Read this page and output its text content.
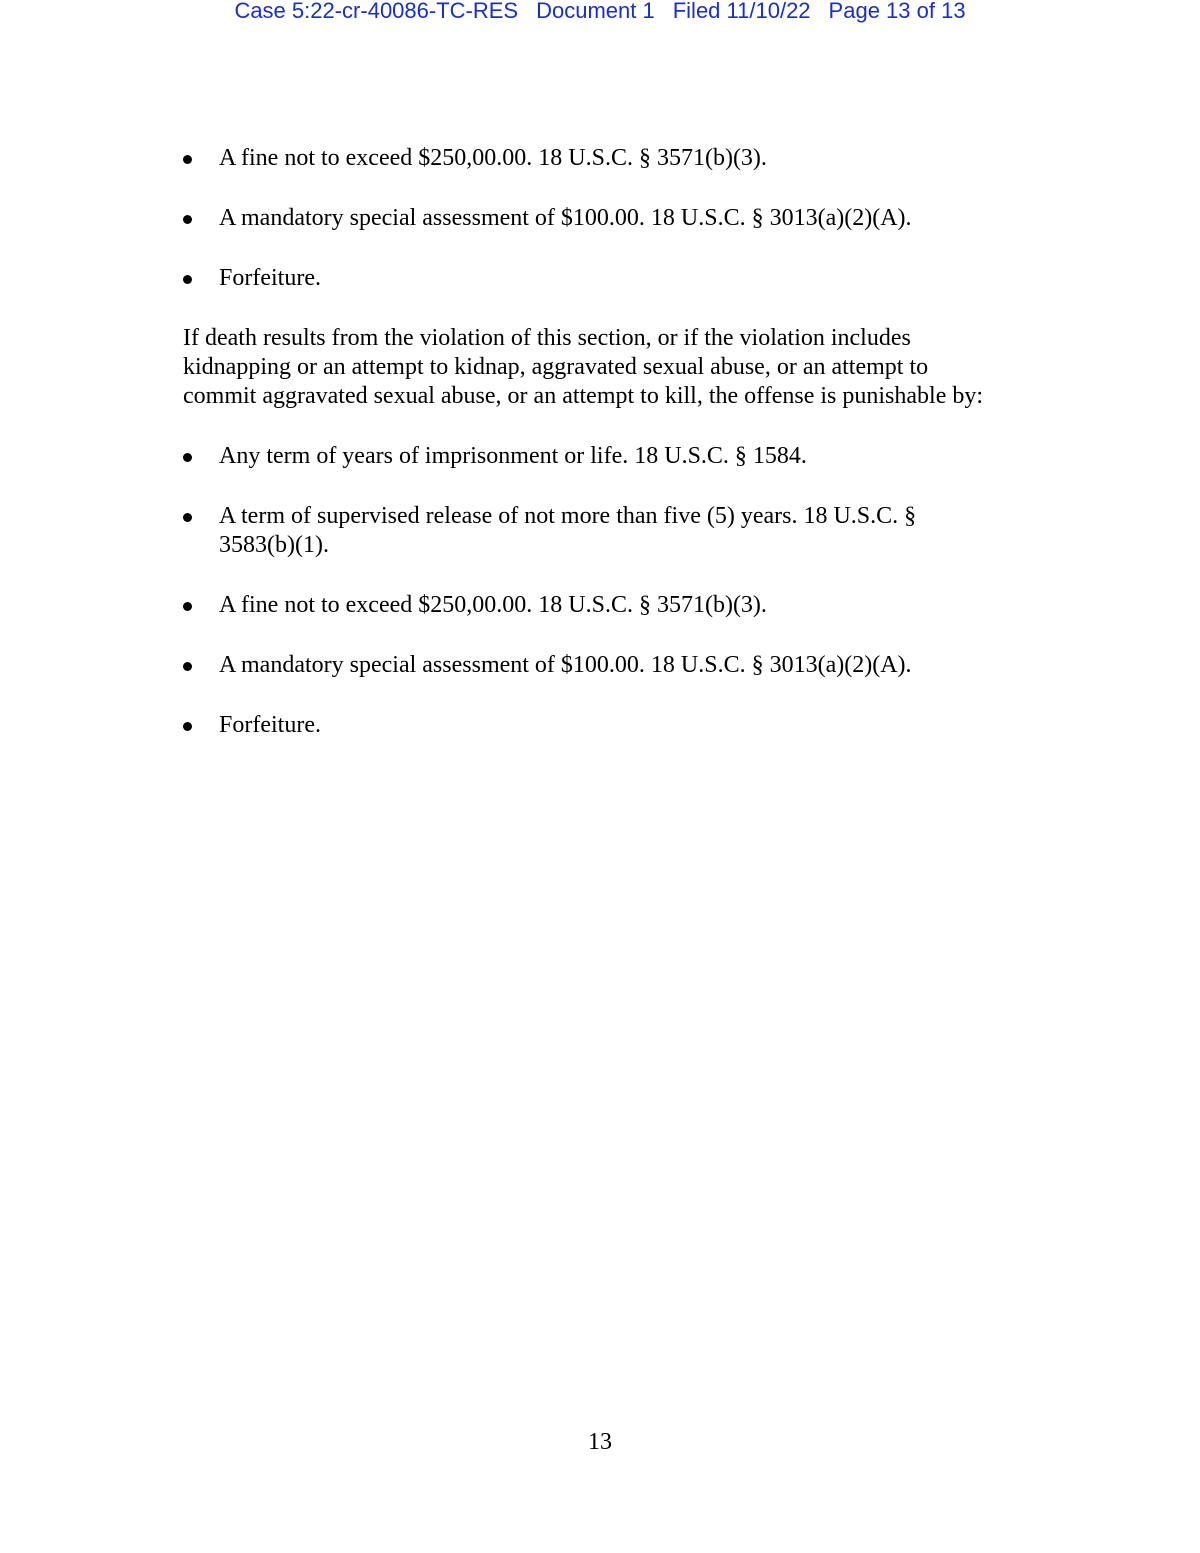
Case 5:22-cr-40086-TC-RES Document 1 Filed 11/10/22 Page 13 of 13
A fine not to exceed $250,00.00. 18 U.S.C. § 3571(b)(3).
A mandatory special assessment of $100.00. 18 U.S.C. § 3013(a)(2)(A).
Forfeiture.

If death results from the violation of this section, or if the violation includes
kidnapping or an attempt to kidnap, aggravated sexual abuse, or an attempt to
commit aggravated sexual abuse, or an attempt to kill, the offense is punishable by:

Any term of years of imprisonment or life. 18 U.S.C. § 1584.
A term of supervised release of not more than five (5) years. 18 U.S.C. §
3583(b)(1).
A fine not to exceed $250,00.00. 18 U.S.C. § 3571(b)(3).
A mandatory special assessment of $100.00. 18 U.S.C. § 3013(a)(2)(A).
Forfeiture.
13
